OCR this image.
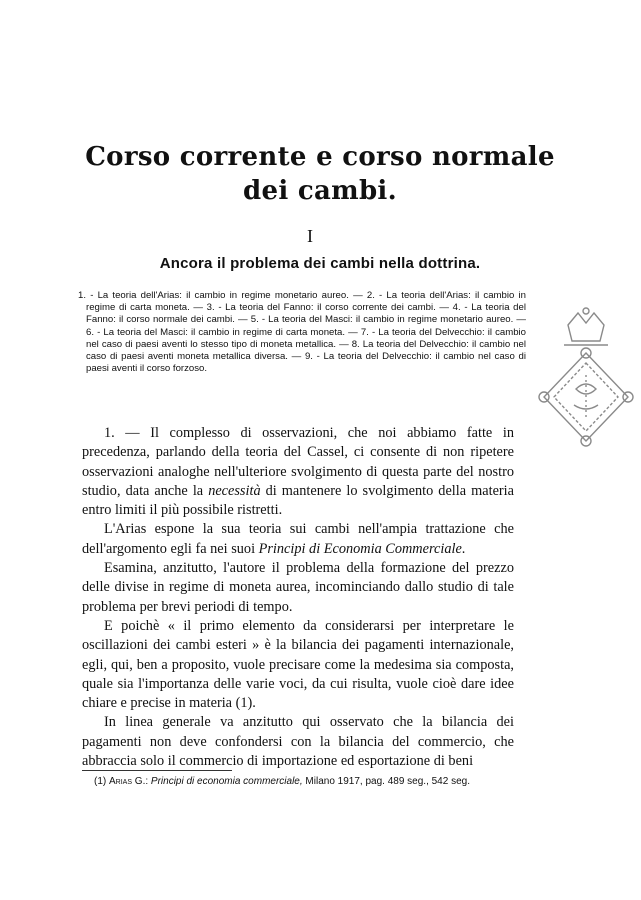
Corso corrente e corso normale
dei cambi.
I
Ancora il problema dei cambi nella dottrina.

1. - La teoria dell'Arias: il cambio in regime monetario aureo. — 2. - La teoria dell'Arias: il cambio in regime di carta moneta. — 3. - La teoria del Fanno: il corso corrente dei cambi. — 4. - La teoria del Fanno: il corso normale dei cambi. — 5. - La teoria del Masci: il cambio in regime monetario aureo. — 6. - La teoria del Masci: il cambio in regime di carta moneta. — 7. - La teoria del Delvecchio: il cambio nel caso di paesi aventi lo stesso tipo di moneta metallica. — 8. La teoria del Delvecchio: il cambio nel caso di paesi aventi moneta metallica diversa. — 9. - La teoria del Delvecchio: il cambio nel caso di paesi aventi il corso forzoso.

1. — Il complesso di osservazioni, che noi abbiamo fatte in precedenza, parlando della teoria del Cassel, ci consente di non ripetere osservazioni analoghe nell'ulteriore svolgimento di questa parte del nostro studio, data anche la necessità di mantenere lo svolgimento della materia entro limiti il più possibile ristretti.

L'Arias espone la sua teoria sui cambi nell'ampia trattazione che dell'argomento egli fa nei suoi Principi di Economia Commerciale.

Esamina, anzitutto, l'autore il problema della formazione del prezzo delle divise in regime di moneta aurea, incominciando dallo studio di tale problema per brevi periodi di tempo.

E poichè « il primo elemento da considerarsi per interpretare le oscillazioni dei cambi esteri » è la bilancia dei pagamenti internazionale, egli, qui, ben a proposito, vuole precisare come la medesima sia composta, quale sia l'importanza delle varie voci, da cui risulta, vuole cioè dare idee chiare e precise in materia (1).

In linea generale va anzitutto qui osservato che la bilancia dei pagamenti non deve confondersi con la bilancia del commercio, che abbraccia solo il commercio di importazione ed esportazione di beni

(1) Arias G.: Principi di economia commerciale, Milano 1917, pag. 489 seg., 542 seg.
